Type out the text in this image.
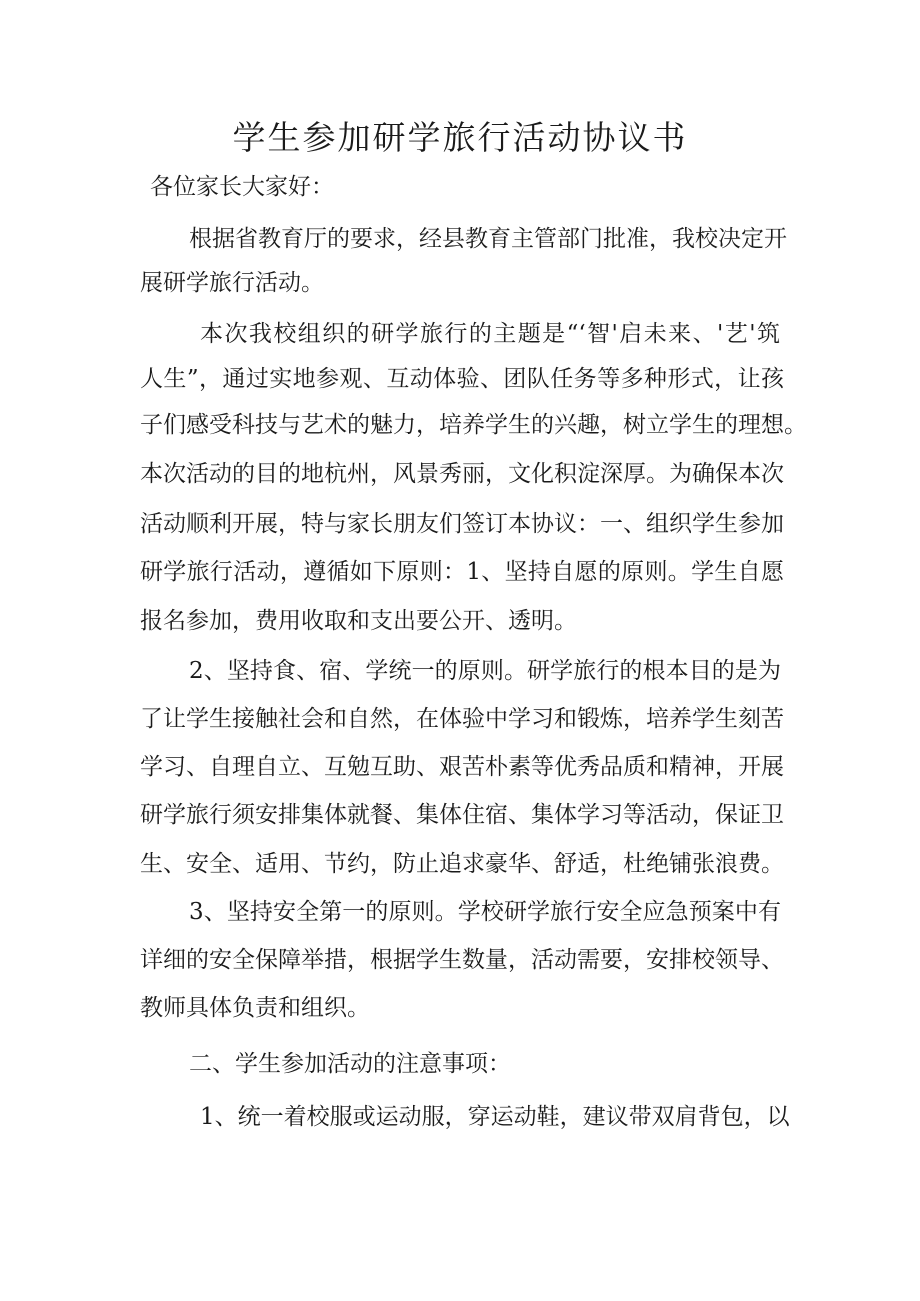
学生参加研学旅行活动协议书

各位家长大家好：

根据省教育厅的要求，经县教育主管部门批准，我校决定开

展研学旅行活动。

本次我校组织的研学旅行的主题是“‘智'启未来、'艺'筑

人生”，通过实地参观、互动体验、团队任务等多种形式，让孩

子们感受科技与艺术的魅力，培养学生的兴趣，树立学生的理想。

本次活动的目的地杭州，风景秀丽，文化积淀深厚。为确保本次

活动顺利开展，特与家长朋友们签订本协议：一、组织学生参加

研学旅行活动，遵循如下原则：1、坚持自愿的原则。学生自愿

报名参加，费用收取和支出要公开、透明。

2、坚持食、宿、学统一的原则。研学旅行的根本目的是为

了让学生接触社会和自然，在体验中学习和锻炼，培养学生刻苦

学习、自理自立、互勉互助、艰苦朴素等优秀品质和精神，开展

研学旅行须安排集体就餐、集体住宿、集体学习等活动，保证卫

生、安全、适用、节约，防止追求豪华、舒适，杜绝铺张浪费。

3、坚持安全第一的原则。学校研学旅行安全应急预案中有

详细的安全保障举措，根据学生数量，活动需要，安排校领导、

教师具体负责和组织。

二、学生参加活动的注意事项：

1、统一着校服或运动服，穿运动鞋，建议带双肩背包，以
